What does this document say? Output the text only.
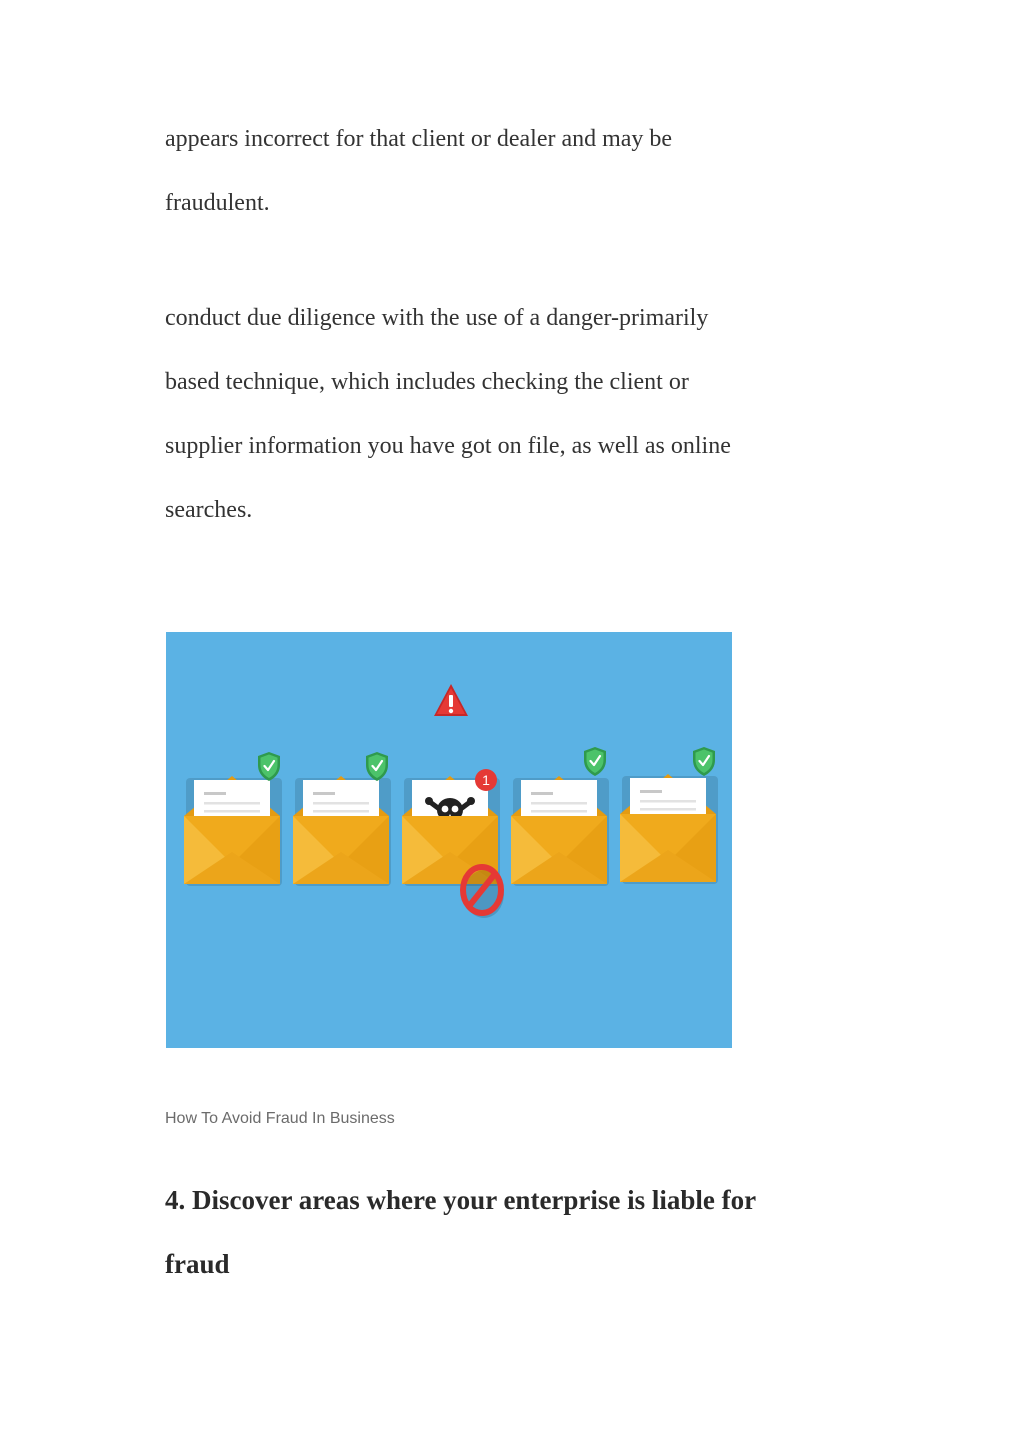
appears incorrect for that client or dealer and may be
fraudulent.
conduct due diligence with the use of a danger-primarily
based technique, which includes checking the client or
supplier information you have got on file, as well as online
searches.
1
How To Avoid Fraud In Business
4. Discover areas where your enterprise is liable for
fraud
